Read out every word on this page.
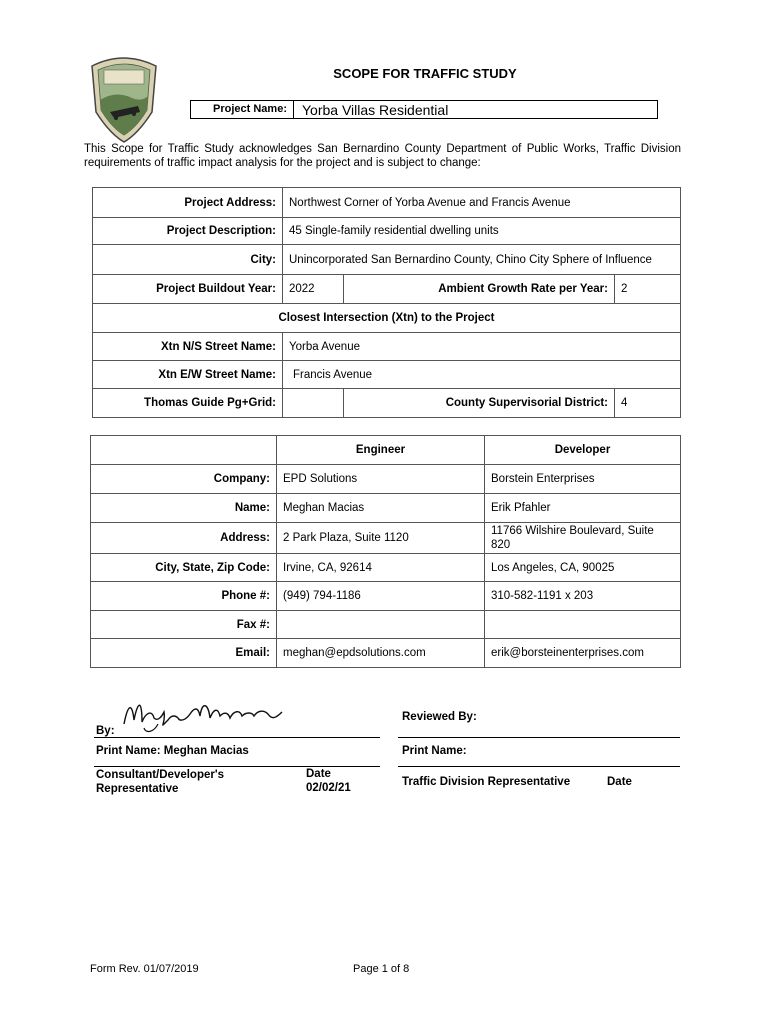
SCOPE FOR TRAFFIC STUDY
Project Name:	Yorba Villas Residential
This Scope for Traffic Study acknowledges San Bernardino County Department of Public Works, Traffic Division requirements of traffic impact analysis for the project and is subject to change:
Project Address:	Northwest Corner of Yorba Avenue and Francis Avenue		
Project Description:	45 Single-family residential dwelling units		
City:	Unincorporated San Bernardino County, Chino City Sphere of Influence		
Project Buildout Year:	2022	Ambient Growth Rate per Year:	2
Closest Intersection (Xtn) to the Project			
Xtn N/S Street Name:	Yorba Avenue		
Xtn E/W Street Name:	Francis Avenue		
Thomas Guide Pg+Grid:		County Supervisorial District:	4
	Engineer	Developer
Company:	EPD Solutions	Borstein Enterprises
Name:	Meghan Macias	Erik Pfahler
Address:	2 Park Plaza, Suite 1120	11766 Wilshire Boulevard, Suite 820
City, State, Zip Code:	Irvine, CA, 92614	Los Angeles, CA, 90025
Phone #:	(949) 794-1186	310-582-1191 x 203
Fax #:		
Email:	meghan@epdsolutions.com	erik@borsteinenterprises.com
By:
Reviewed By:
Print Name: Meghan Macias	Print Name:
Consultant/Developer's Representative
Date
02/02/21	Traffic Division Representative	Date
Form Rev. 01/07/2019	Page 1 of 8
